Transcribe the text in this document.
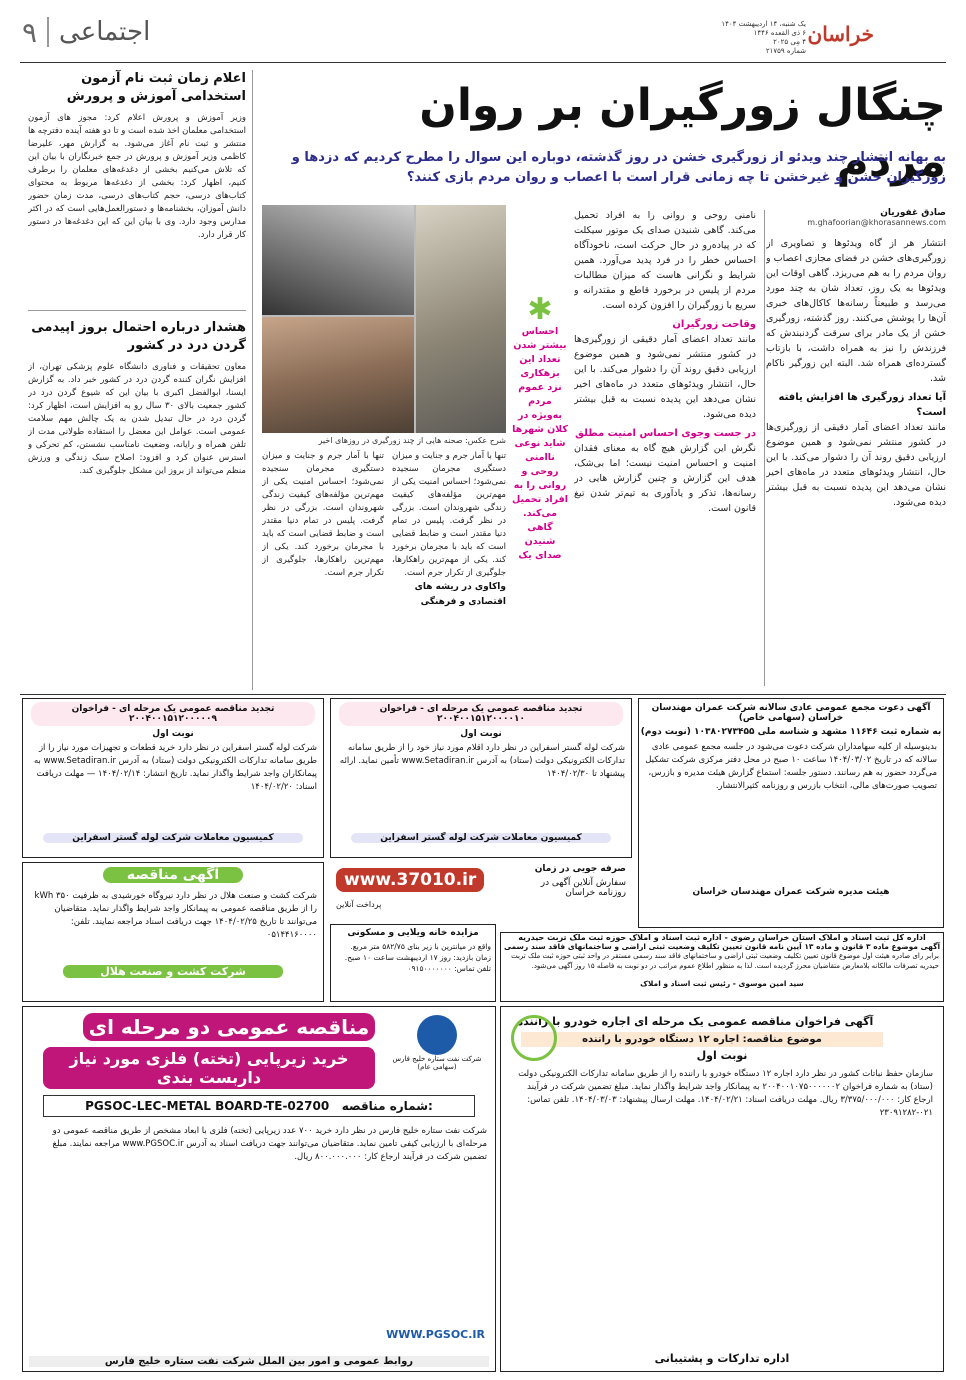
۹ اجتماعی	یک شنبه، ۱۴ اردیبهشت ۱۴۰۴
۶ ذی القعده ۱۴۴۶
۴ مِی ۲۰۲۵
شماره ۲۱۷۵۹
خراسان
اعلام زمان ثبت نام آزمون استخدامی آموزش و پرورش
وزیر آموزش و پرورش اعلام کرد: مجوز های آزمون استخدامی معلمان اخذ شده است و تا دو هفته آینده دفترچه ها منتشر و ثبت نام آغاز می‌شود. به گزارش مهر، علیرضا کاظمی وزیر آموزش و پرورش در جمع خبرنگاران با بیان این که تلاش می‌کنیم بخشی از دغدغه‌های معلمان را برطرف کنیم، اظهار کرد: بخشی از دغدغه‌ها مربوط به محتوای کتاب‌های درسی، حجم کتاب‌های درسی، مدت زمان حضور دانش آموزان، بخشنامه‌ها و دستورالعمل‌هایی است که در اکثر مدارس وجود دارد. وی با بیان این که این دغدغه‌ها در دستور کار قرار دارد.
هشدار درباره احتمال بروز اپیدمی گردن درد در کشور
معاون تحقیقات و فناوری دانشگاه علوم پزشکی تهران، از افزایش نگران کننده گردن درد در کشور خبر داد. به گزارش ایسنا، ابوالفضل اکبری با بیان این که شیوع گردن درد در کشور جمعیت بالای ۳۰ سال رو به افزایش است، اظهار کرد: گردن درد در حال تبدیل شدن به یک چالش مهم سلامت عمومی است. عوامل این معضل را استفاده طولانی مدت از تلفن همراه و رایانه، وضعیت نامناسب نشستن، کم تحرکی و استرس عنوان کرد و افزود: اصلاح سبک زندگی و ورزش منظم می‌تواند از بروز این مشکل جلوگیری کند.
چنگال زورگیران بر روان مردم
به بهانه انتشار چند ویدئو از زورگیری خشن در روز گذشته، دوباره این سوال را مطرح کردیم که دزدها و زورگیران خشن و غیرخشن تا چه زمانی قرار است با اعصاب و روان مردم بازی کنند؟
صادق غفوریان
m.ghafoorian@khorasannews.com
انتشار هر از گاه ویدئوها و تصاویری از زورگیری‌های خشن در فضای مجازی اعصاب و روان مردم را به هم می‌ریزد. گاهی اوقات این ویدئوها به یک روز، تعداد شان به چند مورد می‌رسد و طبیعتاً رسانه‌ها کاکال‌های خبری آن‌ها را پوشش می‌کنند. روز گذشته، زورگیری خشن از یک مادر برای سرقت گردنبندش که فرزندش را نیز به همراه داشت، با بازتاب گسترده‌ای همراه شد. البته این زورگیر ناکام شد.
آیا تعداد زورگیری ها افزایش یافته است؟
مانند تعداد اعضای آمار دقیقی از زورگیری‌ها در کشور منتشر نمی‌شود و همین موضوع ارزیابی دقیق روند آن را دشوار می‌کند. با این حال، انتشار ویدئوهای متعدد در ماه‌های اخیر نشان می‌دهد این پدیده نسبت به قبل بیشتر دیده می‌شود.
نامنی روحی و روانی را به افراد تحمیل می‌کند. گاهی شنیدن صدای یک موتور سیکلت که در پیاده‌رو در حال حرکت است، ناخودآگاه احساس خطر را در فرد پدید می‌آورد. همین شرایط و نگرانی هاست که میزان مطالبات مردم از پلیس در برخورد قاطع و مقتدرانه و سریع با زورگیران را افزون کرده است.
وقاحت زورگیران
مانند تعداد اعضای آمار دقیقی از زورگیری‌ها در کشور منتشر نمی‌شود و همین موضوع ارزیابی دقیق روند آن را دشوار می‌کند. با این حال، انتشار ویدئوهای متعدد در ماه‌های اخیر نشان می‌دهد این پدیده نسبت به قبل بیشتر دیده می‌شود.
در جست وجوی احساس امنیت مطلق
نگرش این گزارش هیچ گاه به معنای فقدان امنیت و احساس امنیت نیست؛ اما بی‌شک، هدف این گزارش و چنین گزارش هایی در رسانه‌ها، تذکر و یادآوری به تیم‌تر شدن تیغ قانون است.
✱
احساس بیشتر شدن تعداد این بزهکاری نزد عموم مردم به‌ویژه در کلان شهرها شاید نوعی ناامنی روحی و روانی را به افراد تحمیل می‌کند. گاهی شنیدن صدای یک
شرح عکس: صحنه هایی از چند زورگیری در روزهای اخیر
تنها با آمار جرم و جنایت و میزان دستگیری مجرمان سنجیده نمی‌شود؛ احساس امنیت یکی از مهم‌ترین مؤلفه‌های کیفیت زندگی شهروندان است. بزرگی در نظر گرفت. پلیس در تمام دنیا مقتدر است و ضابط قضایی است که باید با مجرمان برخورد کند. یکی از مهم‌ترین راهکارها، جلوگیری از تکرار جرم است.
واکاوی در ریشه های اقتصادی و فرهنگی
تنها با آمار جرم و جنایت و میزان دستگیری مجرمان سنجیده نمی‌شود؛ احساس امنیت یکی از مهم‌ترین مؤلفه‌های کیفیت زندگی شهروندان است. بزرگی در نظر گرفت. پلیس در تمام دنیا مقتدر است و ضابط قضایی است که باید با مجرمان برخورد کند. یکی از مهم‌ترین راهکارها، جلوگیری از تکرار جرم است.
تجدید مناقصه عمومی یک مرحله ای - فراخوان ۲۰۰۴۰۰۱۵۱۲۰۰۰۰۰۹
نوبت اول
شرکت لوله گستر اسفراین در نظر دارد خرید قطعات و تجهیزات مورد نیاز را از طریق سامانه تدارکات الکترونیکی دولت (ستاد) به آدرس www.Setadiran.ir به پیمانکاران واجد شرایط واگذار نماید. تاریخ انتشار: ۱۴۰۴/۰۲/۱۴ — مهلت دریافت اسناد: ۱۴۰۴/۰۲/۲۰
کمیسیون معاملات شرکت لوله گستر اسفراین
تجدید مناقصه عمومی یک مرحله ای - فراخوان ۲۰۰۴۰۰۱۵۱۲۰۰۰۰۱۰
نوبت اول
شرکت لوله گستر اسفراین در نظر دارد اقلام مورد نیاز خود را از طریق سامانه تدارکات الکترونیکی دولت (ستاد) به آدرس www.Setadiran.ir تأمین نماید. ارائه پیشنهاد تا ۱۴۰۴/۰۲/۳۰
کمیسیون معاملات شرکت لوله گستر اسفراین
آگهی دعوت مجمع عمومی عادی سالانه شرکت عمران مهندسان خراسان (سهامی خاص)
به شماره ثبت ۱۱۶۴۶ مشهد و شناسه ملی ۱۰۳۸۰۲۷۳۴۵۵ (نوبت دوم)
بدینوسیله از کلیه سهامداران شرکت دعوت می‌شود در جلسه مجمع عمومی عادی سالانه که در تاریخ ۱۴۰۴/۰۳/۰۲ ساعت ۱۰ صبح در محل دفتر مرکزی شرکت تشکیل می‌گردد حضور به هم رسانند. دستور جلسه: استماع گزارش هیئت مدیره و بازرس، تصویب صورت‌های مالی، انتخاب بازرس و روزنامه کثیرالانتشار.
هیئت مدیره شرکت عمران مهندسان خراسان
آگهی مناقصه
شرکت کشت و صنعت هلال در نظر دارد نیروگاه خورشیدی به ظرفیت ۳۵۰ kWh را از طریق مناقصه عمومی به پیمانکار واجد شرایط واگذار نماید. متقاضیان می‌توانند تا تاریخ ۱۴۰۴/۰۲/۲۵ جهت دریافت اسناد مراجعه نمایند. تلفن: ۰۵۱۴۴۱۶۰۰۰۰
شرکت کشت و صنعت هلال
www.37010.ir
صرفه جویی در زمان
سفارش آنلاین آگهی در روزنامه خراسان
پرداخت آنلاین
مزایده خانه ویلایی و مسکونی
واقع در میانترین با زیر بنای ۵۸۲/۷۵ متر مربع. زمان بازدید: روز ۱۷ اردیبهشت ساعت ۱۰ صبح. تلفن تماس: ۰۹۱۵۰۰۰۰۰۰۰
اداره کل ثبت اسناد و املاک استان خراسان رضوی - اداره ثبت اسناد و املاک حوزه ثبت ملک تربت حیدریه
آگهی موضوع ماده ۳ قانون و ماده ۱۳ آیین نامه قانون تعیین تکلیف وضعیت ثبتی اراضی و ساختمانهای فاقد سند رسمی
برابر رای صادره هیئت اول موضوع قانون تعیین تکلیف وضعیت ثبتی اراضی و ساختمانهای فاقد سند رسمی مستقر در واحد ثبتی حوزه ثبت ملک تربت حیدریه تصرفات مالکانه بلامعارض متقاضیان محرز گردیده است. لذا به منظور اطلاع عموم مراتب در دو نوبت به فاصله ۱۵ روز آگهی می‌شود.
سید امین موسوی - رئیس ثبت اسناد و املاک
مناقصه عمومی دو مرحله ای
خرید زیرپایی (تخته) فلزی مورد نیاز داربست بندی
PGSOC-LEC-METAL BOARD-TE-02700 شماره مناقصه:
شرکت نفت ستاره خلیج فارس (سهامی عام)
شرکت نفت ستاره خلیج فارس در نظر دارد خرید ۷۰۰ عدد زیرپایی (تخته) فلزی با ابعاد مشخص از طریق مناقصه عمومی دو مرحله‌ای با ارزیابی کیفی تامین نماید. متقاضیان می‌توانند جهت دریافت اسناد به آدرس www.PGSOC.ir مراجعه نمایند. مبلغ تضمین شرکت در فرآیند ارجاع کار: ۸۰۰.۰۰۰.۰۰۰ ریال.
WWW.PGSOC.IR
روابط عمومی و امور بین الملل شرکت نفت ستاره خلیج فارس
آگهی فراخوان مناقصه عمومی یک مرحله ای اجاره خودرو با راننده
موضوع مناقصه: اجاره ۱۲ دستگاه خودرو با راننده
نوبت اول
سازمان حفظ نباتات کشور در نظر دارد اجاره ۱۲ دستگاه خودرو با راننده را از طریق سامانه تدارکات الکترونیکی دولت (ستاد) به شماره فراخوان ۲۰۰۴۰۰۱۰۷۵۰۰۰۰۰۰۲ به پیمانکار واجد شرایط واگذار نماید. مبلغ تضمین شرکت در فرآیند ارجاع کار: ۳/۳۷۵/۰۰۰/۰۰۰ ریال. مهلت دریافت اسناد: ۱۴۰۴/۰۲/۲۱. مهلت ارسال پیشنهاد: ۱۴۰۴/۰۳/۰۳. تلفن تماس: ۰۲۱-۲۳۰۹۱۲۸۲
اداره تدارکات و پشتیبانی
